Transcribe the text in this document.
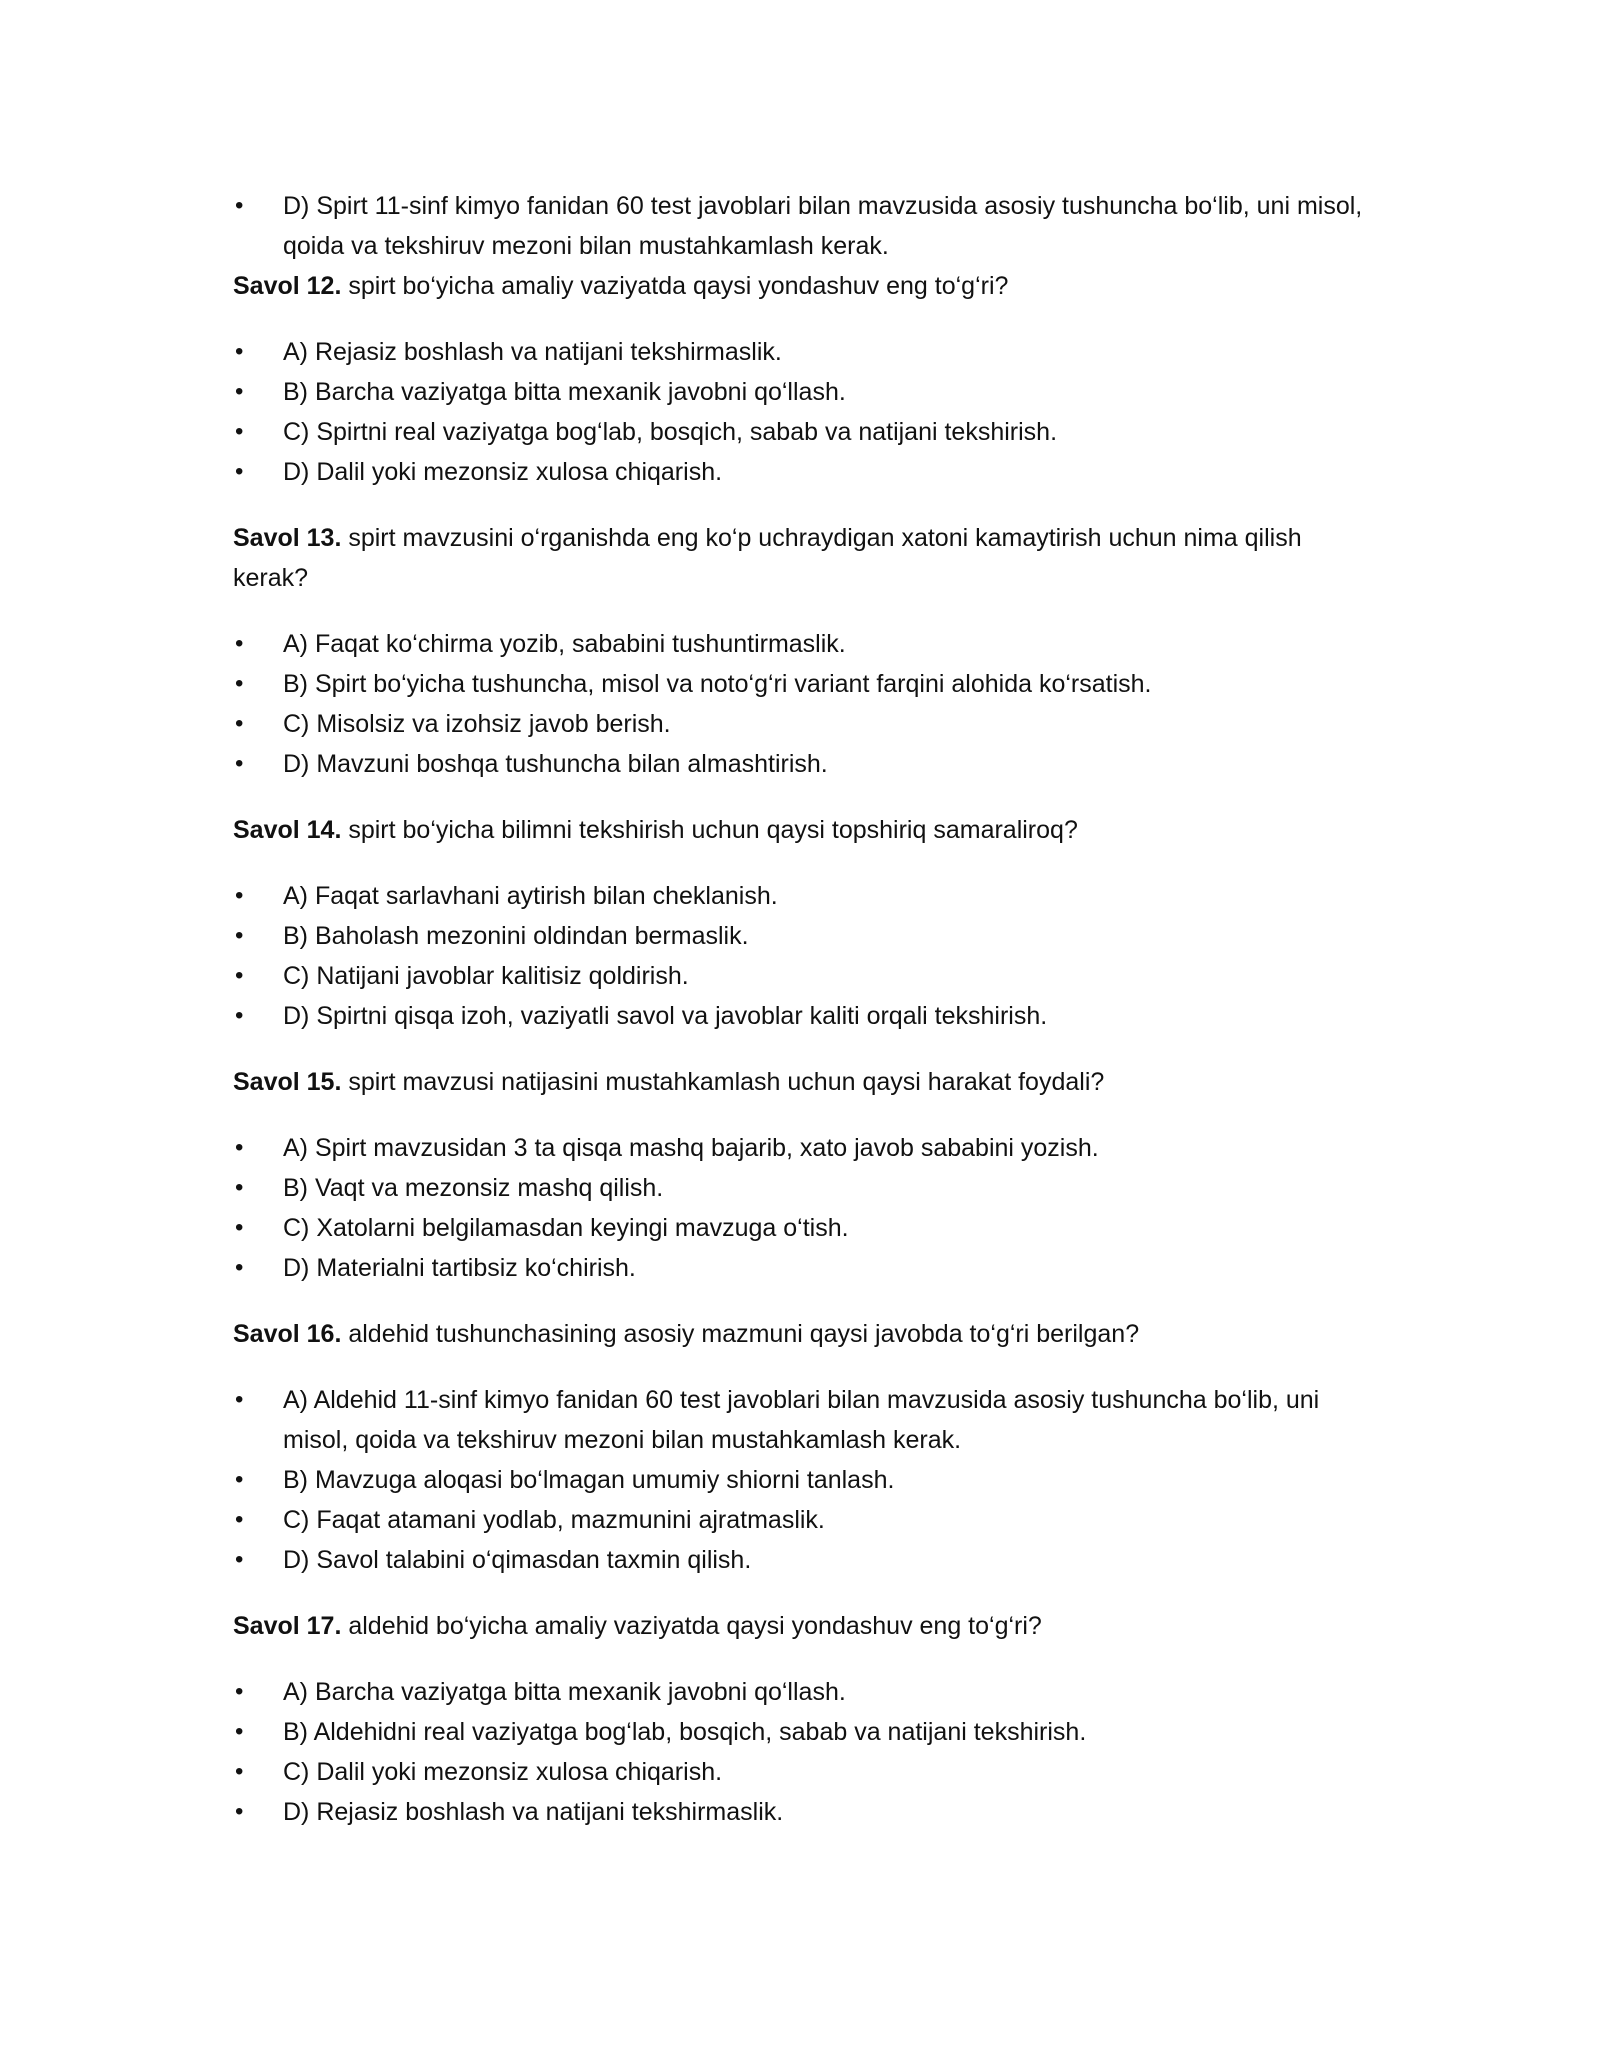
• D) Spirt 11-sinf kimyo fanidan 60 test javoblari bilan mavzusida asosiy tushuncha bo‘lib, uni misol, qoida va tekshiruv mezoni bilan mustahkamlash kerak.
Savol 12. spirt bo‘yicha amaliy vaziyatda qaysi yondashuv eng to‘g‘ri?
• A) Rejasiz boshlash va natijani tekshirmaslik.
• B) Barcha vaziyatga bitta mexanik javobni qo‘llash.
• C) Spirtni real vaziyatga bog‘lab, bosqich, sabab va natijani tekshirish.
• D) Dalil yoki mezonsiz xulosa chiqarish.
Savol 13. spirt mavzusini o‘rganishda eng ko‘p uchraydigan xatoni kamaytirish uchun nima qilish kerak?
• A) Faqat ko‘chirma yozib, sababini tushuntirmaslik.
• B) Spirt bo‘yicha tushuncha, misol va noto‘g‘ri variant farqini alohida ko‘rsatish.
• C) Misolsiz va izohsiz javob berish.
• D) Mavzuni boshqa tushuncha bilan almashtirish.
Savol 14. spirt bo‘yicha bilimni tekshirish uchun qaysi topshiriq samaraliroq?
• A) Faqat sarlavhani aytirish bilan cheklanish.
• B) Baholash mezonini oldindan bermaslik.
• C) Natijani javoblar kalitisiz qoldirish.
• D) Spirtni qisqa izoh, vaziyatli savol va javoblar kaliti orqali tekshirish.
Savol 15. spirt mavzusi natijasini mustahkamlash uchun qaysi harakat foydali?
• A) Spirt mavzusidan 3 ta qisqa mashq bajarib, xato javob sababini yozish.
• B) Vaqt va mezonsiz mashq qilish.
• C) Xatolarni belgilamasdan keyingi mavzuga o‘tish.
• D) Materialni tartibsiz ko‘chirish.
Savol 16. aldehid tushunchasining asosiy mazmuni qaysi javobda to‘g‘ri berilgan?
• A) Aldehid 11-sinf kimyo fanidan 60 test javoblari bilan mavzusida asosiy tushuncha bo‘lib, uni misol, qoida va tekshiruv mezoni bilan mustahkamlash kerak.
• B) Mavzuga aloqasi bo‘lmagan umumiy shiorni tanlash.
• C) Faqat atamani yodlab, mazmunini ajratmaslik.
• D) Savol talabini o‘qimasdan taxmin qilish.
Savol 17. aldehid bo‘yicha amaliy vaziyatda qaysi yondashuv eng to‘g‘ri?
• A) Barcha vaziyatga bitta mexanik javobni qo‘llash.
• B) Aldehidni real vaziyatga bog‘lab, bosqich, sabab va natijani tekshirish.
• C) Dalil yoki mezonsiz xulosa chiqarish.
• D) Rejasiz boshlash va natijani tekshirmaslik.
